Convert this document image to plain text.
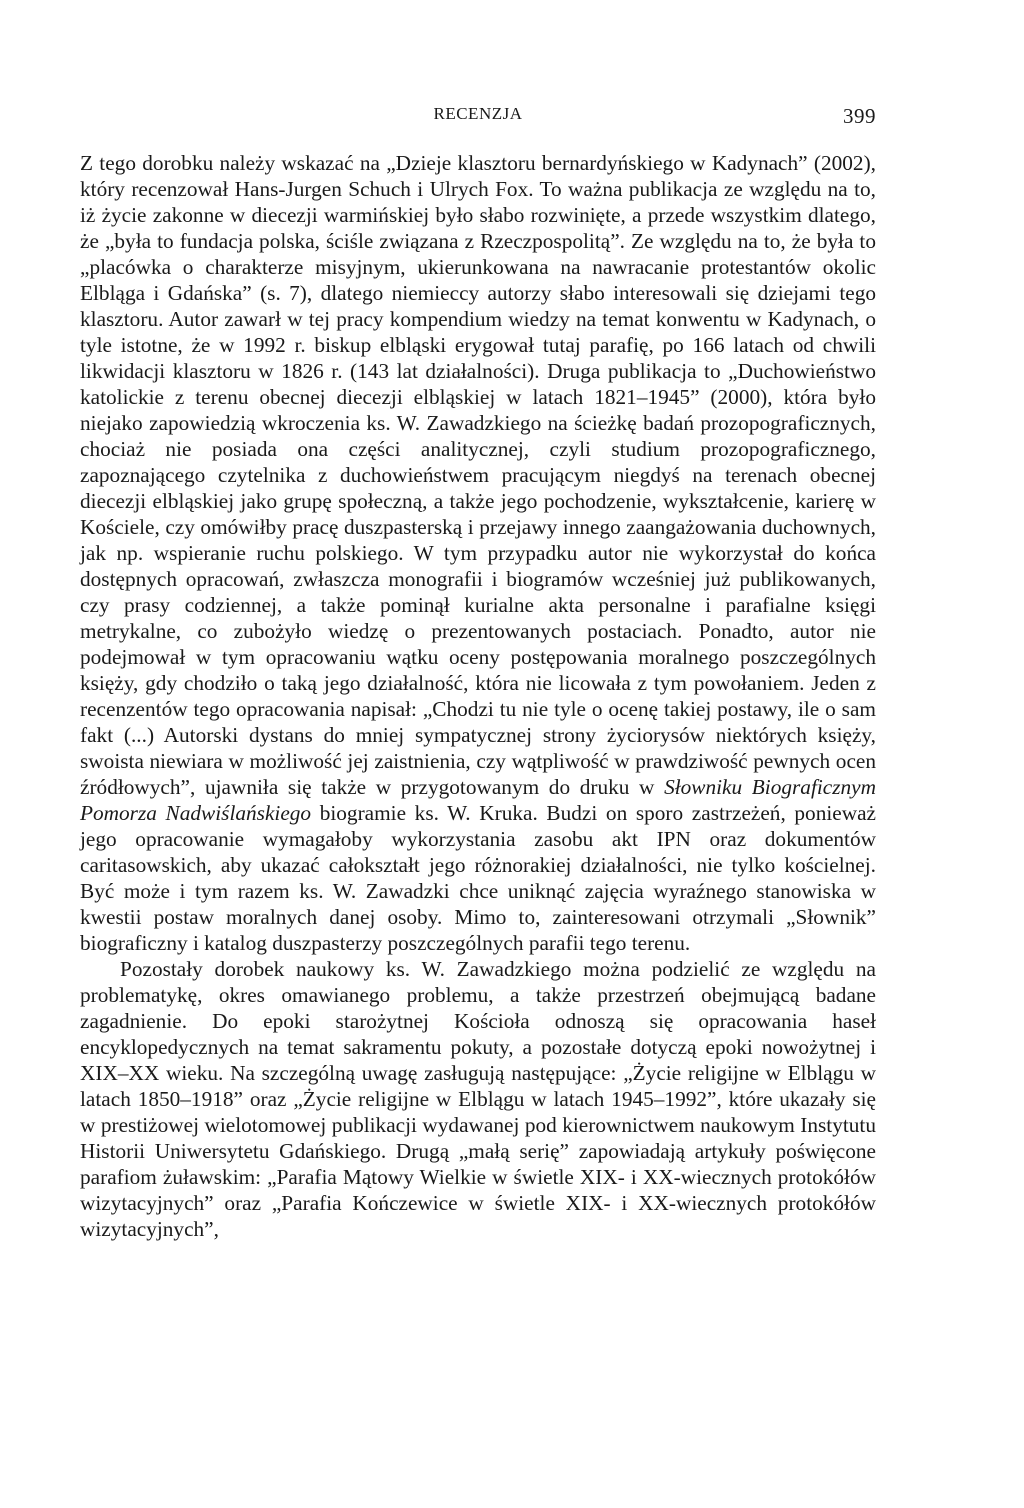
RECENZJA	399

Z tego dorobku należy wskazać na „Dzieje klasztoru bernardyńskiego w Kadynach” (2002), który recenzował Hans-Jurgen Schuch i Ulrych Fox. To ważna publikacja ze względu na to, iż życie zakonne w diecezji warmińskiej było słabo rozwinięte, a przede wszystkim dlatego, że „była to fundacja polska, ściśle związana z Rzeczpospolitą”. Ze względu na to, że była to „placówka o charakterze misyjnym, ukierunkowana na nawracanie protestantów okolic Elbląga i Gdańska” (s. 7), dlatego niemieccy autorzy słabo interesowali się dziejami tego klasztoru. Autor zawarł w tej pracy kompendium wiedzy na temat konwentu w Kadynach, o tyle istotne, że w 1992 r. biskup elbląski erygował tutaj parafię, po 166 latach od chwili likwidacji klasztoru w 1826 r. (143 lat działalności). Druga publikacja to „Duchowieństwo katolickie z terenu obecnej diecezji elbląskiej w latach 1821–1945” (2000), która było niejako zapowiedzią wkroczenia ks. W. Zawadzkiego na ścieżkę badań prozopograficznych, chociaż nie posiada ona części analitycznej, czyli studium prozopograficznego, zapoznającego czytelnika z duchowieństwem pracującym niegdyś na terenach obecnej diecezji elbląskiej jako grupę społeczną, a także jego pochodzenie, wykształcenie, karierę w Kościele, czy omówiłby pracę duszpasterską i przejawy innego zaangażowania duchownych, jak np. wspieranie ruchu polskiego. W tym przypadku autor nie wykorzystał do końca dostępnych opracowań, zwłaszcza monografii i biogramów wcześniej już publikowanych, czy prasy codziennej, a także pominął kurialne akta personalne i parafialne księgi metrykalne, co zubożyło wiedzę o prezentowanych postaciach. Ponadto, autor nie podejmował w tym opracowaniu wątku oceny postępowania moralnego poszczególnych księży, gdy chodziło o taką jego działalność, która nie licowała z tym powołaniem. Jeden z recenzentów tego opracowania napisał: „Chodzi tu nie tyle o ocenę takiej postawy, ile o sam fakt (...) Autorski dystans do mniej sympatycznej strony życiorysów niektórych księży, swoista niewiara w możliwość jej zaistnienia, czy wątpliwość w prawdziwość pewnych ocen źródłowych”, ujawniła się także w przygotowanym do druku w Słowniku Biograficznym Pomorza Nadwiślańskiego biogramie ks. W. Kruka. Budzi on sporo zastrzeżeń, ponieważ jego opracowanie wymagałoby wykorzystania zasobu akt IPN oraz dokumentów caritasowskich, aby ukazać całokształt jego różnorakiej działalności, nie tylko kościelnej. Być może i tym razem ks. W. Zawadzki chce uniknąć zajęcia wyraźnego stanowiska w kwestii postaw moralnych danej osoby. Mimo to, zainteresowani otrzymali „Słownik” biograficzny i katalog duszpasterzy poszczególnych parafii tego terenu.

Pozostały dorobek naukowy ks. W. Zawadzkiego można podzielić ze względu na problematykę, okres omawianego problemu, a także przestrzeń obejmującą badane zagadnienie. Do epoki starożytnej Kościoła odnoszą się opracowania haseł encyklopedycznych na temat sakramentu pokuty, a pozostałe dotyczą epoki nowożytnej i XIX–XX wieku. Na szczególną uwagę zasługują następujące: „Życie religijne w Elblągu w latach 1850–1918” oraz „Życie religijne w Elblągu w latach 1945–1992”, które ukazały się w prestiżowej wielotomowej publikacji wydawanej pod kierownictwem naukowym Instytutu Historii Uniwersytetu Gdańskiego. Drugą „małą serię” zapowiadają artykuły poświęcone parafiom żuławskim: „Parafia Mątowy Wielkie w świetle XIX- i XX-wiecznych protokółów wizytacyjnych” oraz „Parafia Kończewice w świetle XIX- i XX-wiecznych protokółów wizytacyjnych”,
